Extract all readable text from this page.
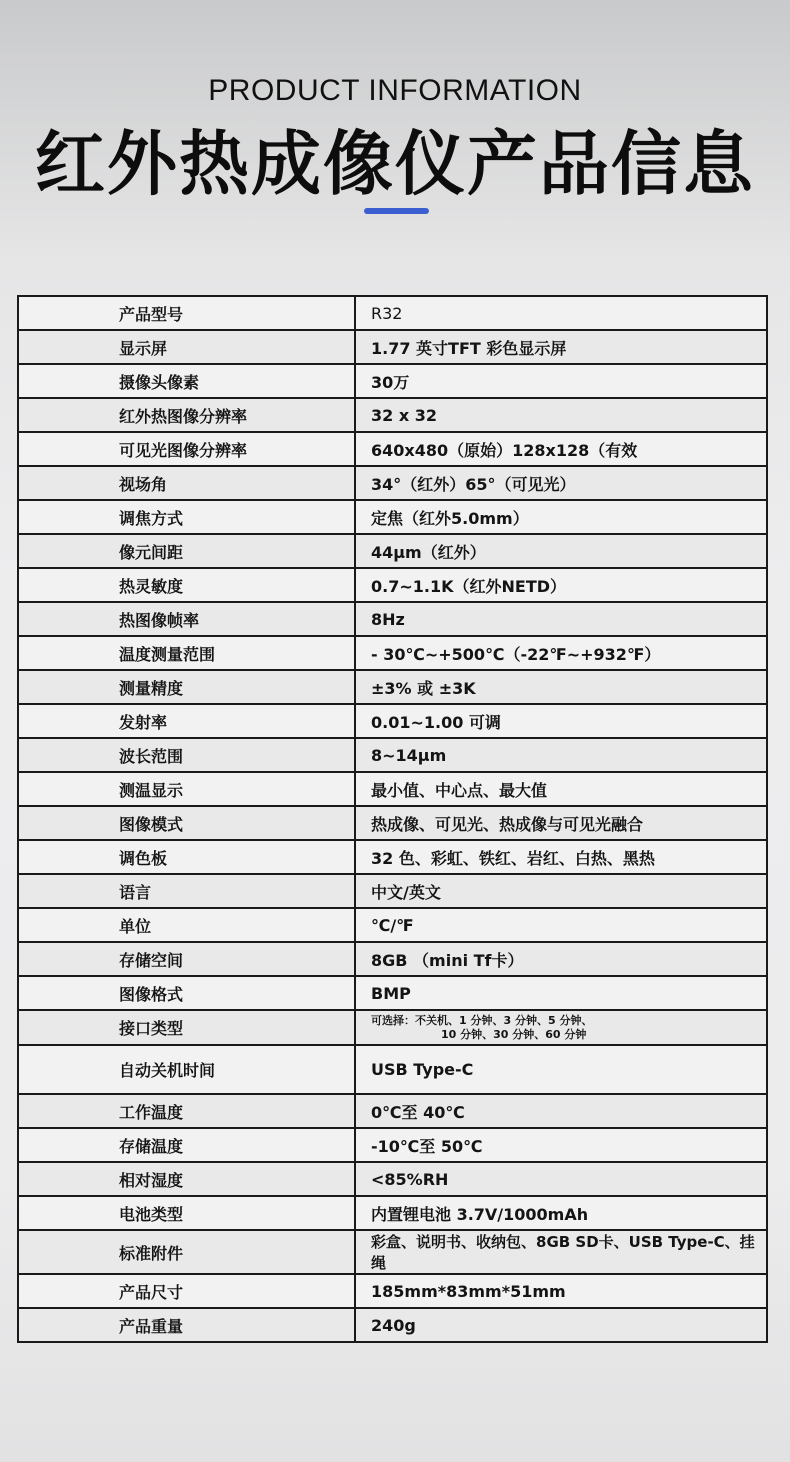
PRODUCT INFORMATION
红外热成像仪产品信息
产品型号	R32
显示屏	1.77 英寸TFT 彩色显示屏
摄像头像素	30万
红外热图像分辨率	32 x 32
可见光图像分辨率	640x480（原始）128x128（有效
视场角	34°（红外）65°（可见光）
调焦方式	定焦（红外5.0mm）
像元间距	44μm（红外）
热灵敏度	0.7~1.1K（红外NETD）
热图像帧率	8Hz
温度测量范围	- 30℃~+500℃（-22℉~+932℉）
测量精度	±3% 或 ±3K
发射率	0.01~1.00 可调
波长范围	8~14μm
测温显示	最小值、中心点、最大值
图像模式	热成像、可见光、热成像与可见光融合
调色板	32 色、彩虹、铁红、岩红、白热、黑热
语言	中文/英文
单位	℃/℉
存储空间	8GB （mini Tf卡）
图像格式	BMP
接口类型	可选择：不关机、1 分钟、3 分钟、5 分钟、
10 分钟、30 分钟、60 分钟

自动关机时间	USB Type-C
工作温度	0℃至 40℃
存储温度	-10℃至 50℃
相对湿度	<85%RH
电池类型	内置锂电池 3.7V/1000mAh
标准附件	彩盒、说明书、收纳包、8GB SD卡、USB Type-C、挂绳
产品尺寸	185mm*83mm*51mm
产品重量	240g
